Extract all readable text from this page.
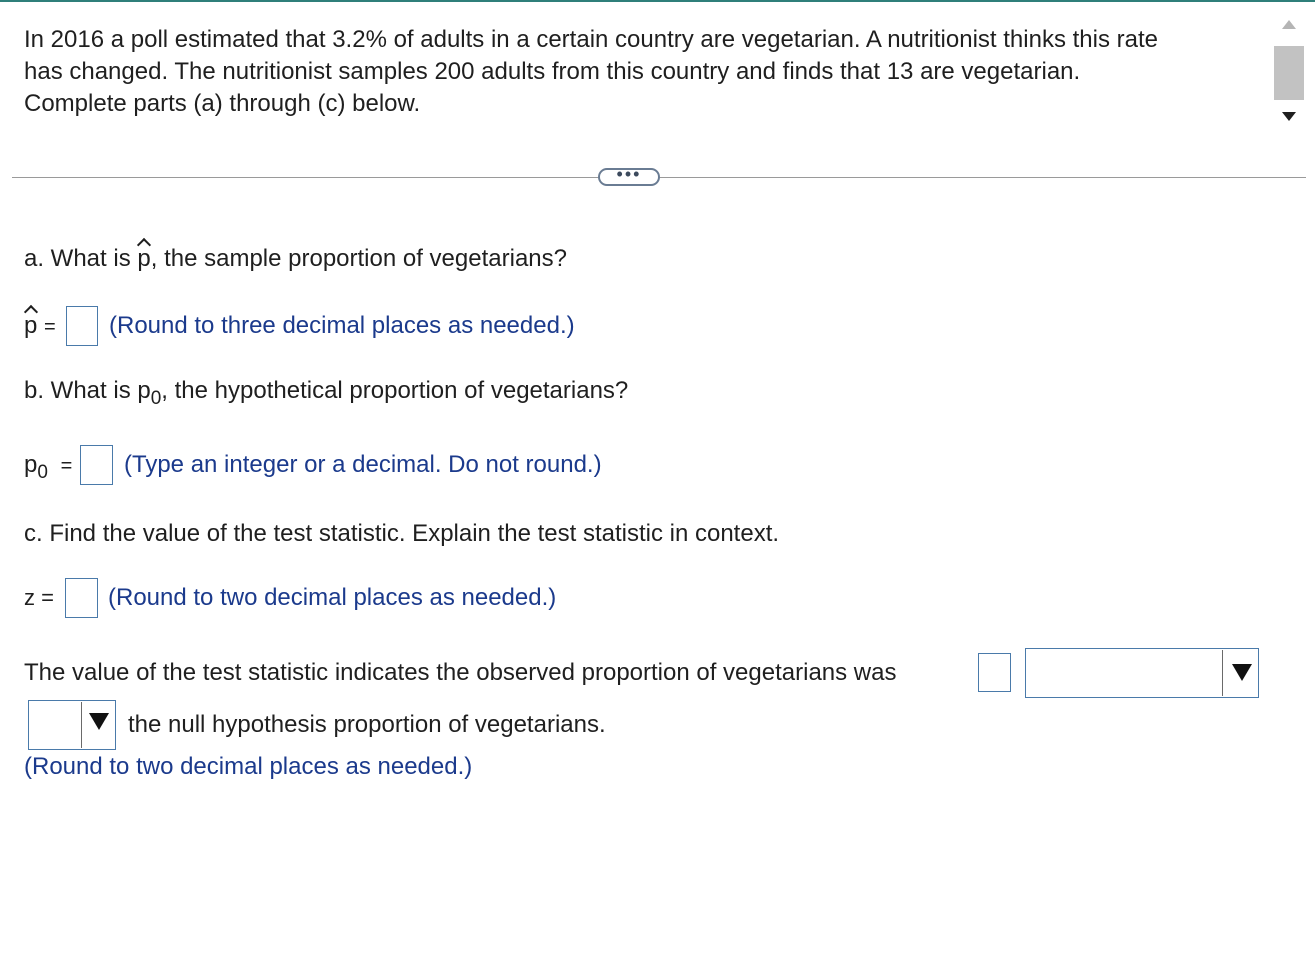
In 2016 a poll estimated that 3.2% of adults in a certain country are vegetarian. A nutritionist thinks this rate
has changed. The nutritionist samples 200 adults from this country and finds that 13 are vegetarian.
Complete parts (a) through (c) below.
•••
a. What is p, the sample proportion of vegetarians?
p = (Round to three decimal places as needed.)
b. What is $p_0$, the hypothetical proportion of vegetarians?
$p_0$ = (Type an integer or a decimal. Do not round.)
c. Find the value of the test statistic. Explain the test statistic in context.
z = (Round to two decimal places as needed.)
The value of the test statistic indicates the observed proportion of vegetarians was
the null hypothesis proportion of vegetarians.
(Round to two decimal places as needed.)
